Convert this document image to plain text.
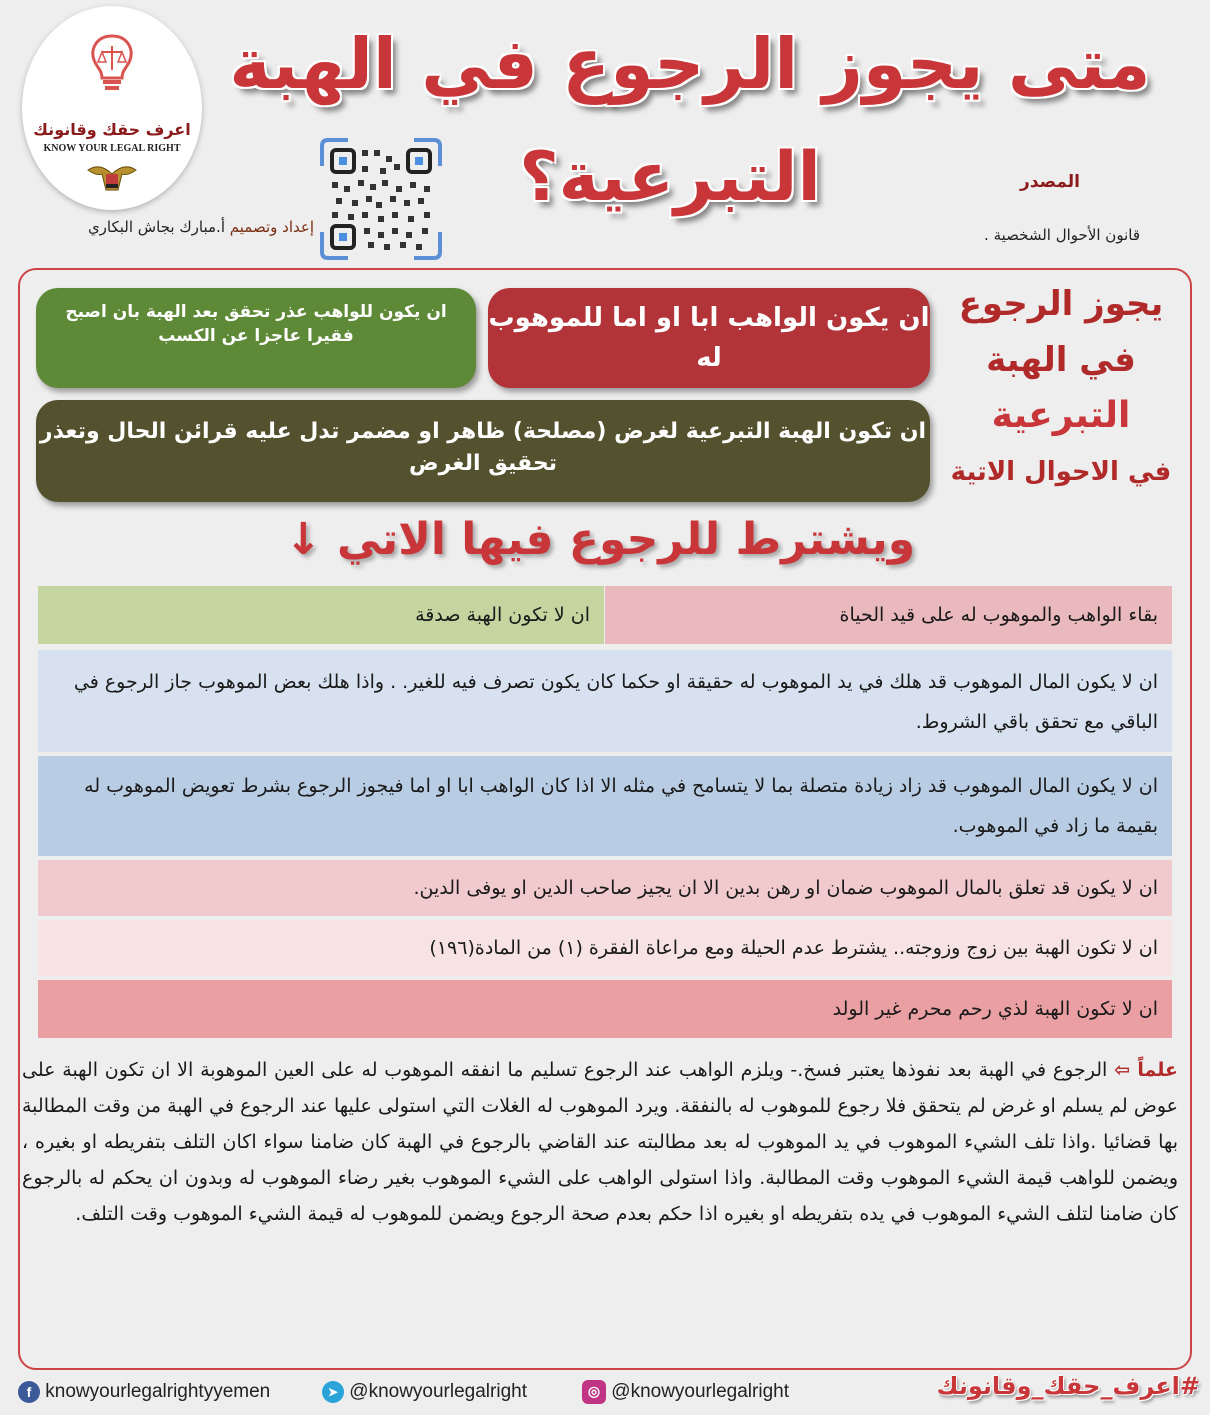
اعرف حقك وقانونك
KNOW YOUR LEGAL RIGHT
متى يجوز الرجوع في الهبة
التبرعية؟
إعداد وتصميم أ.مبارك بجاش البكاري
المصدر
قانون الأحوال الشخصية .
يجوز الرجوع
في الهبة
التبرعية
في الاحوال الاتية
ان يكون الواهب ابا او اما للموهوب له
ان يكون للواهب عذر تحقق بعد الهبة بان اصبح فقيرا عاجزا عن الكسب
ان تكون الهبة التبرعية لغرض (مصلحة) ظاهر او مضمر تدل عليه قرائن الحال وتعذر تحقيق الغرض
ويشترط للرجوع فيها الاتي ↓
بقاء الواهب والموهوب له على قيد الحياة
ان لا تكون الهبة صدقة
ان لا يكون المال الموهوب قد هلك في يد الموهوب له حقيقة او حكما كان يكون تصرف فيه للغير. . واذا هلك بعض الموهوب جاز الرجوع في الباقي مع تحقق باقي الشروط.
ان لا يكون المال الموهوب قد زاد زيادة متصلة بما لا يتسامح في مثله الا اذا كان الواهب ابا او اما فيجوز الرجوع بشرط تعويض الموهوب له بقيمة ما زاد في الموهوب.
ان لا يكون قد تعلق بالمال الموهوب ضمان او رهن بدين الا ان يجيز صاحب الدين او يوفى الدين.
ان لا تكون الهبة بين زوج وزوجته.. يشترط عدم الحيلة ومع مراعاة الفقرة (١) من المادة(١٩٦)
ان لا تكون الهبة لذي رحم محرم غير الولد
علماً ⇦ الرجوع في الهبة بعد نفوذها يعتبر فسخ.- ويلزم الواهب عند الرجوع تسليم ما انفقه الموهوب له على العين الموهوبة الا ان تكون الهبة على عوض لم يسلم او غرض لم يتحقق فلا رجوع للموهوب له بالنفقة. ويرد الموهوب له الغلات التي استولى عليها عند الرجوع في الهبة من وقت المطالبة بها قضائيا .واذا تلف الشيء الموهوب في يد الموهوب له بعد مطالبته عند القاضي بالرجوع في الهبة كان ضامنا سواء اكان التلف بتفريطه او بغيره ، ويضمن للواهب قيمة الشيء الموهوب وقت المطالبة. واذا استولى الواهب على الشيء الموهوب بغير رضاء الموهوب له وبدون ان يحكم له بالرجوع كان ضامنا لتلف الشيء الموهوب في يده بتفريطه او بغيره اذا حكم بعدم صحة الرجوع ويضمن للموهوب له قيمة الشيء الموهوب وقت التلف.
f knowyourlegalrightyyemen	➤ @knowyourlegalright	◎ @knowyourlegalright	#اعرف_حقك_وقانونك
